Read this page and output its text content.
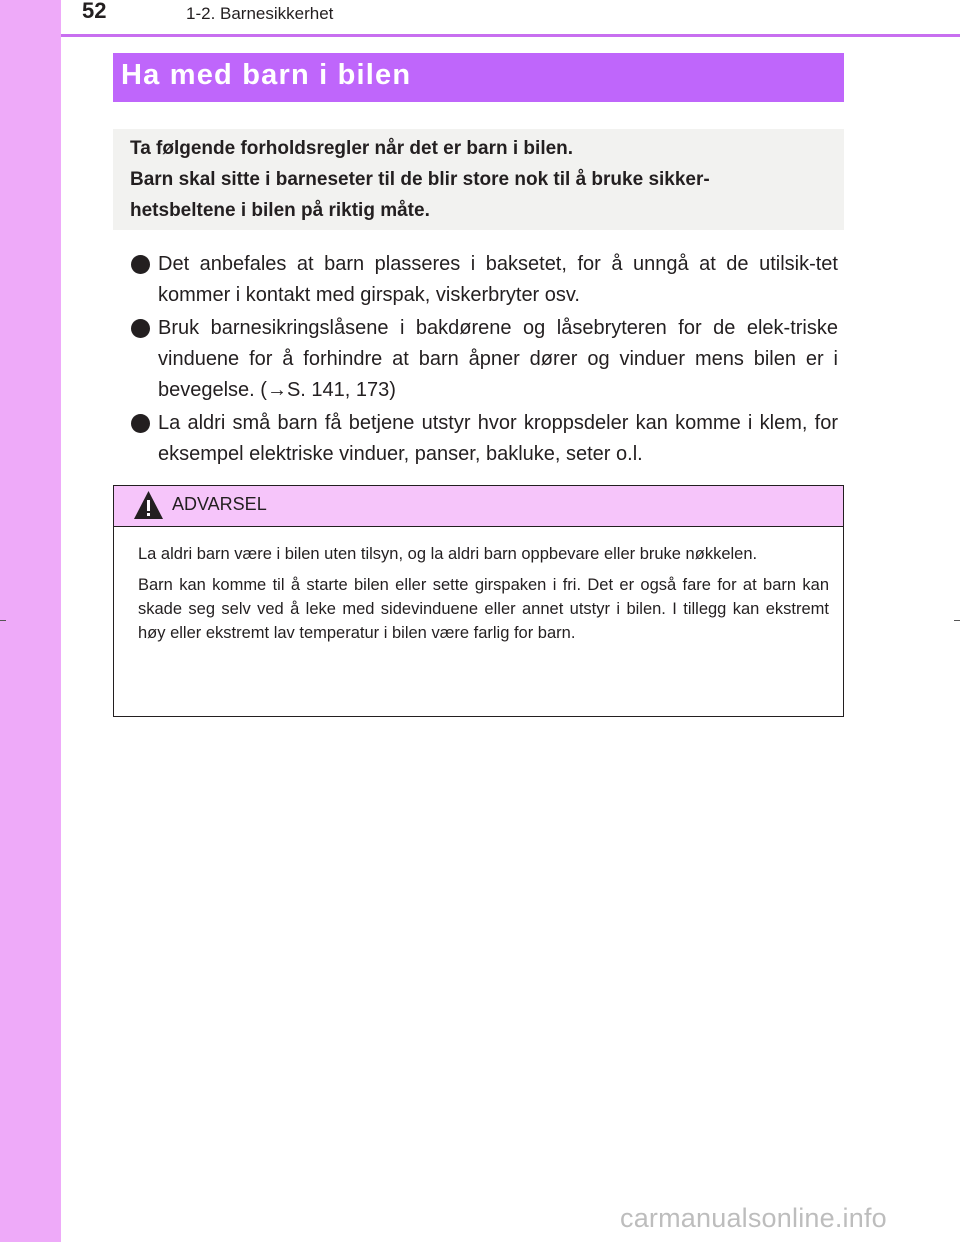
52	1-2. Barnesikkerhet
Ha med barn i bilen
Ta følgende forholdsregler når det er barn i bilen.
Barn skal sitte i barneseter til de blir store nok til å bruke sikker-
hetsbeltene i bilen på riktig måte.
Det anbefales at barn plasseres i baksetet, for å unngå at de utilsik-tet kommer i kontakt med girspak, viskerbryter osv.
Bruk barnesikringslåsene i bakdørene og låsebryteren for de elek-triske vinduene for å forhindre at barn åpner dører og vinduer mens bilen er i bevegelse. (→S. 141, 173)
La aldri små barn få betjene utstyr hvor kroppsdeler kan komme i klem, for eksempel elektriske vinduer, panser, bakluke, seter o.l.
ADVARSEL

La aldri barn være i bilen uten tilsyn, og la aldri barn oppbevare eller bruke nøkkelen.

Barn kan komme til å starte bilen eller sette girspaken i fri. Det er også fare for at barn kan skade seg selv ved å leke med sidevinduene eller annet utstyr i bilen. I tillegg kan ekstremt høy eller ekstremt lav temperatur i bilen være farlig for barn.

carmanualsonline.info
